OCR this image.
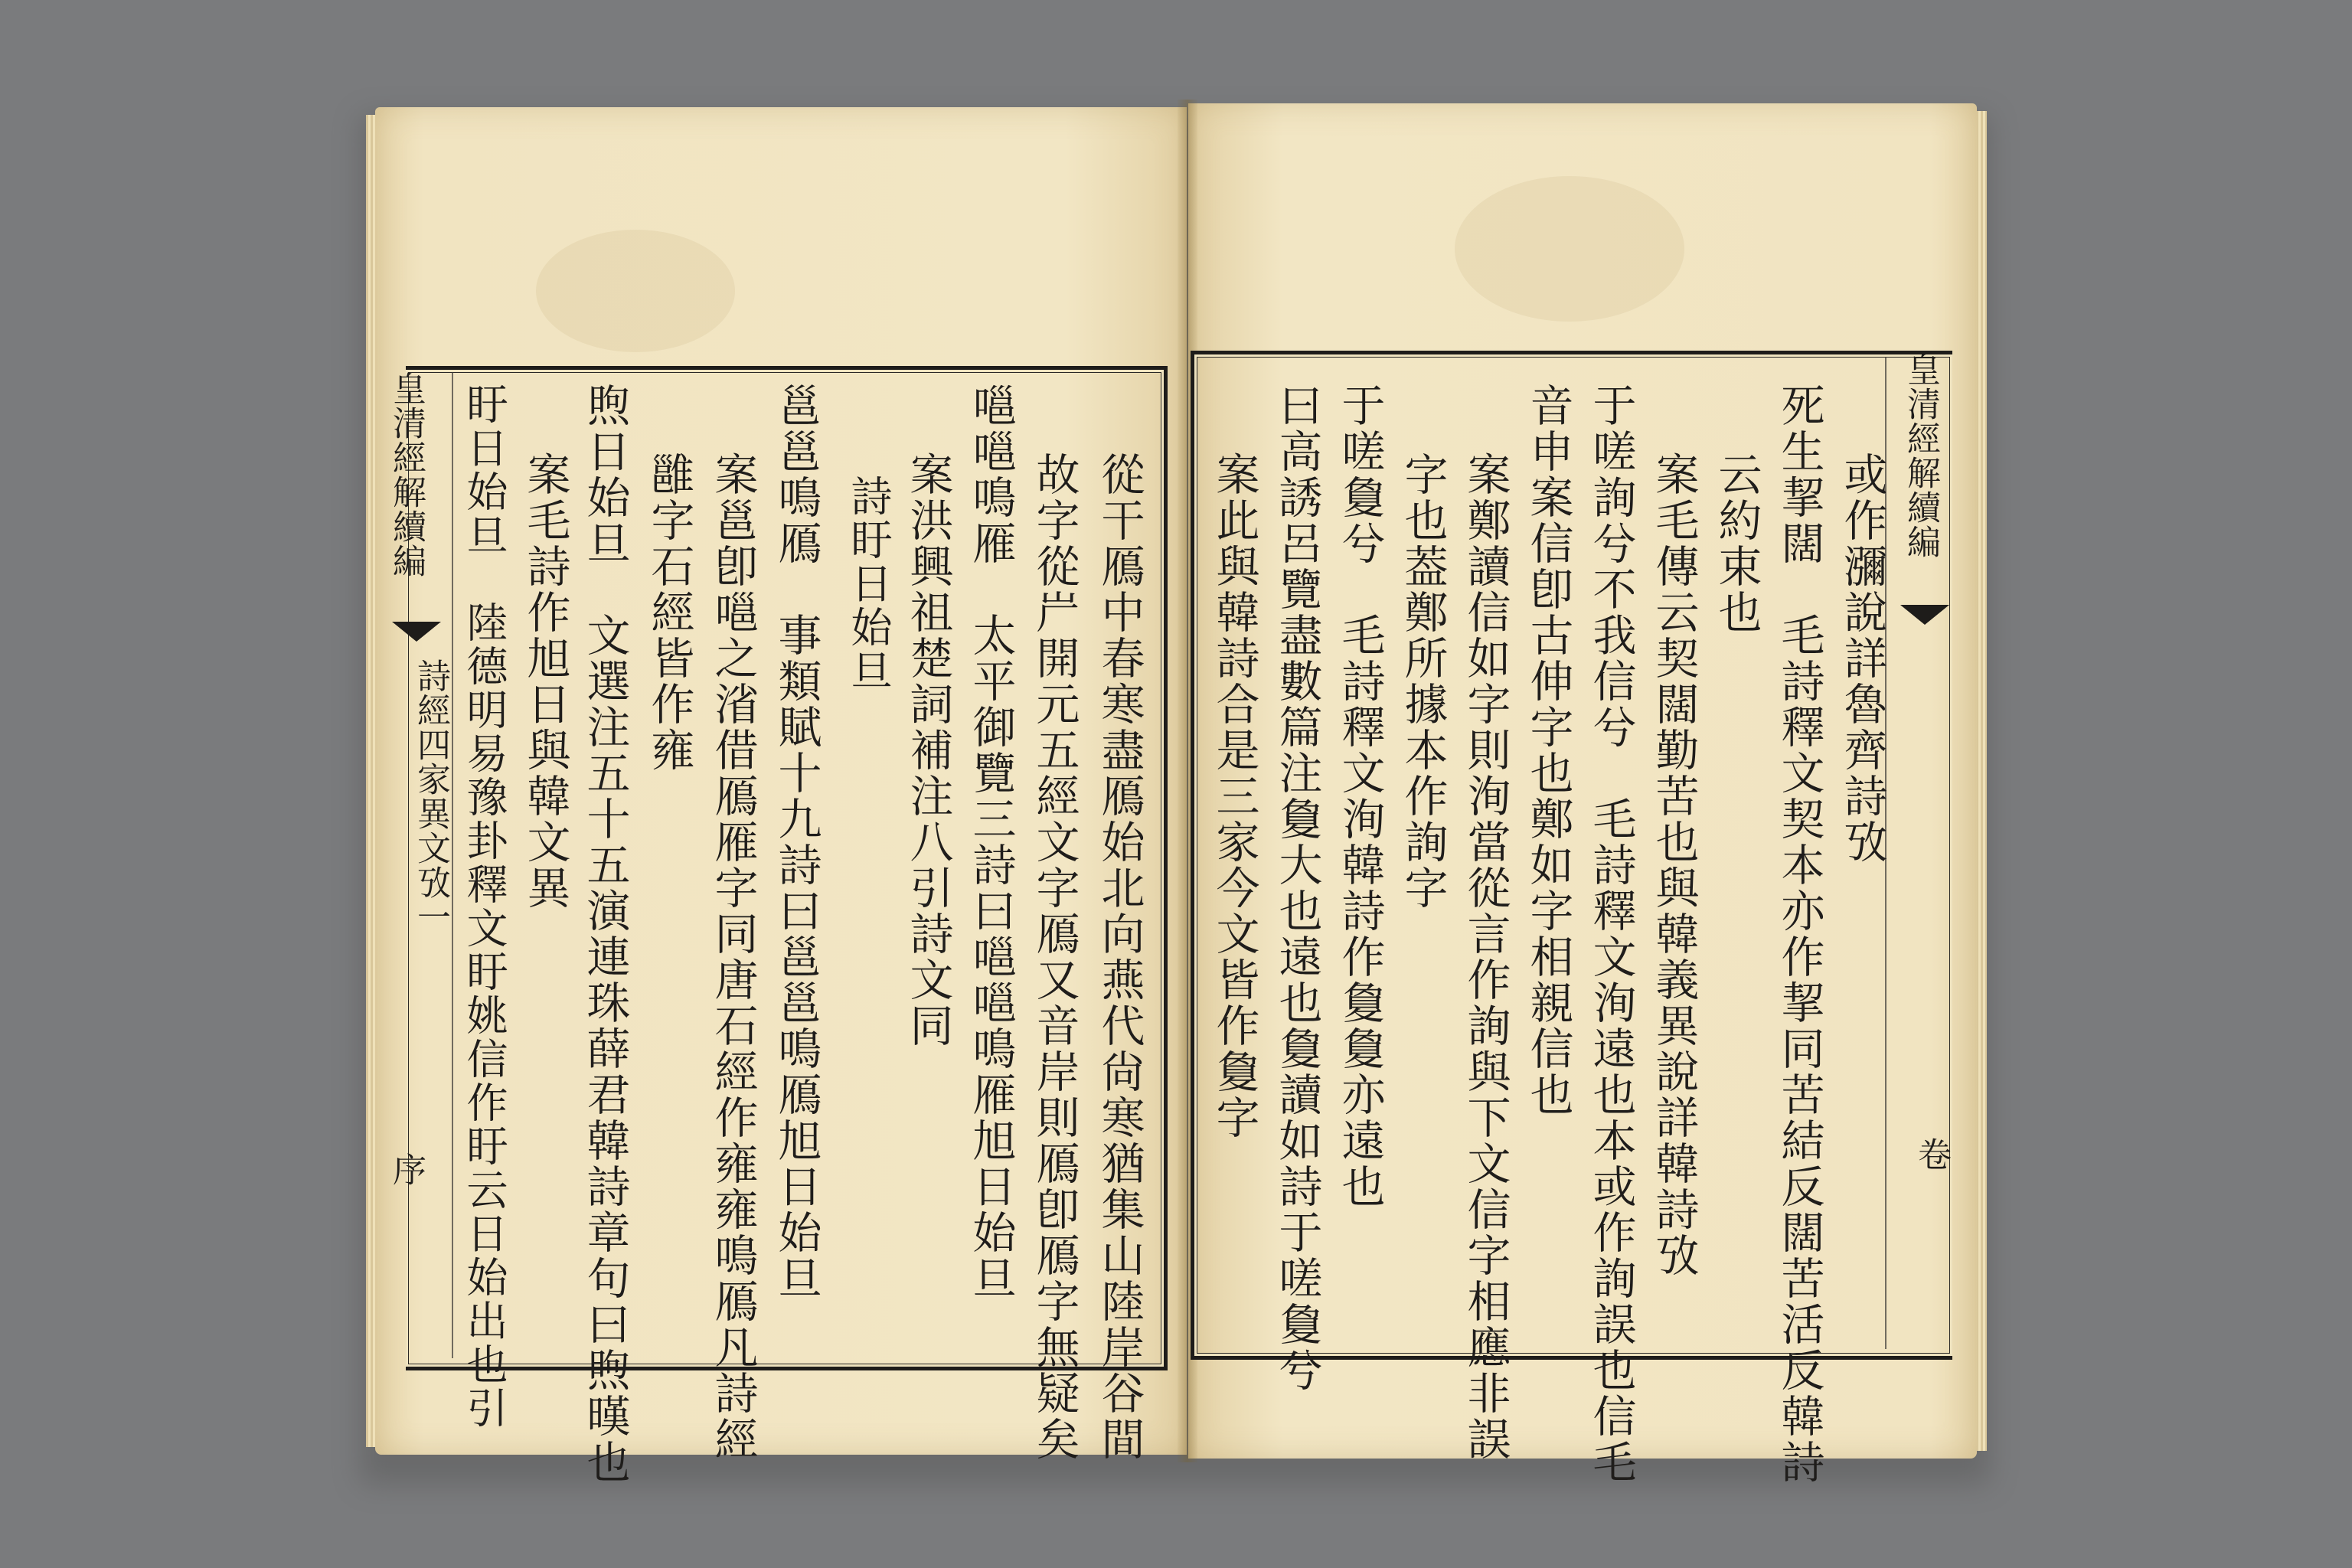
皇清經解續編
詩經四家異文攷一
序	從干鴈中春寒盡鴈始北向燕代尙寒猶集山陸岸谷間
故字從屵開元五經文字鴈又音岸則鴈卽鴈字無疑矣
嗈嗈鳴雁　太平御覽三詩曰嗈嗈鳴雁旭日始旦
案洪興祖楚詞補注八引詩文同
邕邕鳴鴈　事類賦十九詩曰邕邕鳴鴈旭日始旦
案邕卽嗈之渻借鴈雁字同唐石經作雍雍鳴鴈凡詩經
雝字石經皆作雍
煦日始旦　文選注五十五演連珠薛君韓詩章句曰煦暵也
案毛詩作旭日與韓文異
盱日始旦　陸德明易豫卦釋文盱姚信作盱云日始出也引	詩盱日始旦
皇清經解續編
卷
或作瀰說詳魯齊詩攷
死生挈闊　毛詩釋文契本亦作挈同苦結反闊苦活反韓詩
云約束也
案毛傳云契闊勤苦也與韓義異說詳韓詩攷
于嗟詢兮不我信兮　毛詩釋文洵遠也本或作詢誤也信毛
音申案信卽古伸字也鄭如字相親信也
案鄭讀信如字則洵當從言作詢與下文信字相應非誤
字也葢鄭所據本作詢字
于嗟敻兮　毛詩釋文洵韓詩作敻敻亦遠也
曰高誘呂覽盡數篇注敻大也遠也敻讀如詩于嗟敻兮
案此與韓詩合是三家今文皆作敻字
